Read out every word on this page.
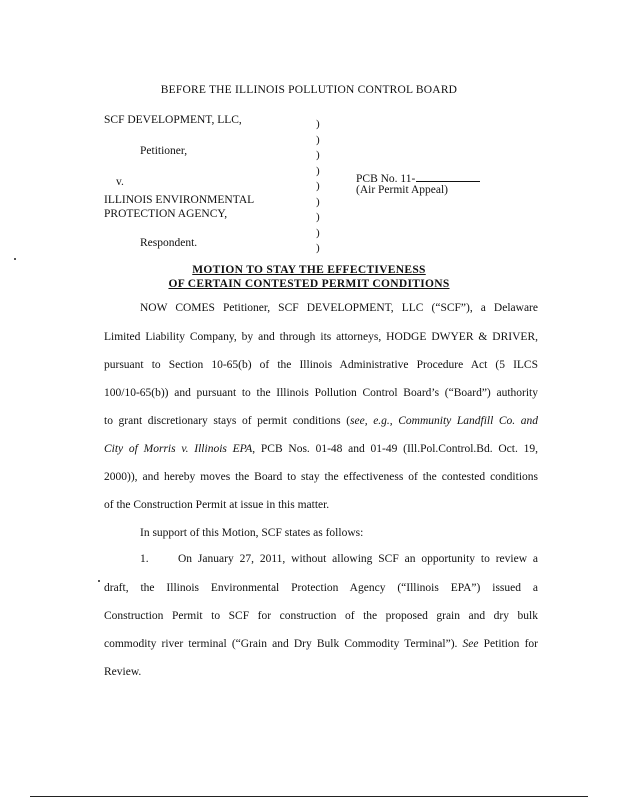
BEFORE THE ILLINOIS POLLUTION CONTROL BOARD
SCF DEVELOPMENT, LLC,
Petitioner,
v.
ILLINOIS ENVIRONMENTAL
PROTECTION AGENCY,
Respondent.
)
)
)
)
)
)
)
)
)
PCB No. 11-
(Air Permit Appeal)
MOTION TO STAY THE EFFECTIVENESS
OF CERTAIN CONTESTED PERMIT CONDITIONS
NOW COMES Petitioner, SCF DEVELOPMENT, LLC (“SCF”), a Delaware
Limited Liability Company, by and through its attorneys, HODGE DWYER & DRIVER,
pursuant to Section 10-65(b) of the Illinois Administrative Procedure Act (5 ILCS
100/10-65(b)) and pursuant to the Illinois Pollution Control Board’s (“Board”) authority
to grant discretionary stays of permit conditions (see, e.g., Community Landfill Co. and
City of Morris v. Illinois EPA, PCB Nos. 01-48 and 01-49 (Ill.Pol.Control.Bd. Oct. 19,
2000)), and hereby moves the Board to stay the effectiveness of the contested conditions
of the Construction Permit at issue in this matter.
In support of this Motion, SCF states as follows:
1.	On January 27, 2011, without allowing SCF an opportunity to review a
draft, the Illinois Environmental Protection Agency (“Illinois EPA”) issued a
Construction Permit to SCF for construction of the proposed grain and dry bulk
commodity river terminal (“Grain and Dry Bulk Commodity Terminal”). See Petition for
Review.
